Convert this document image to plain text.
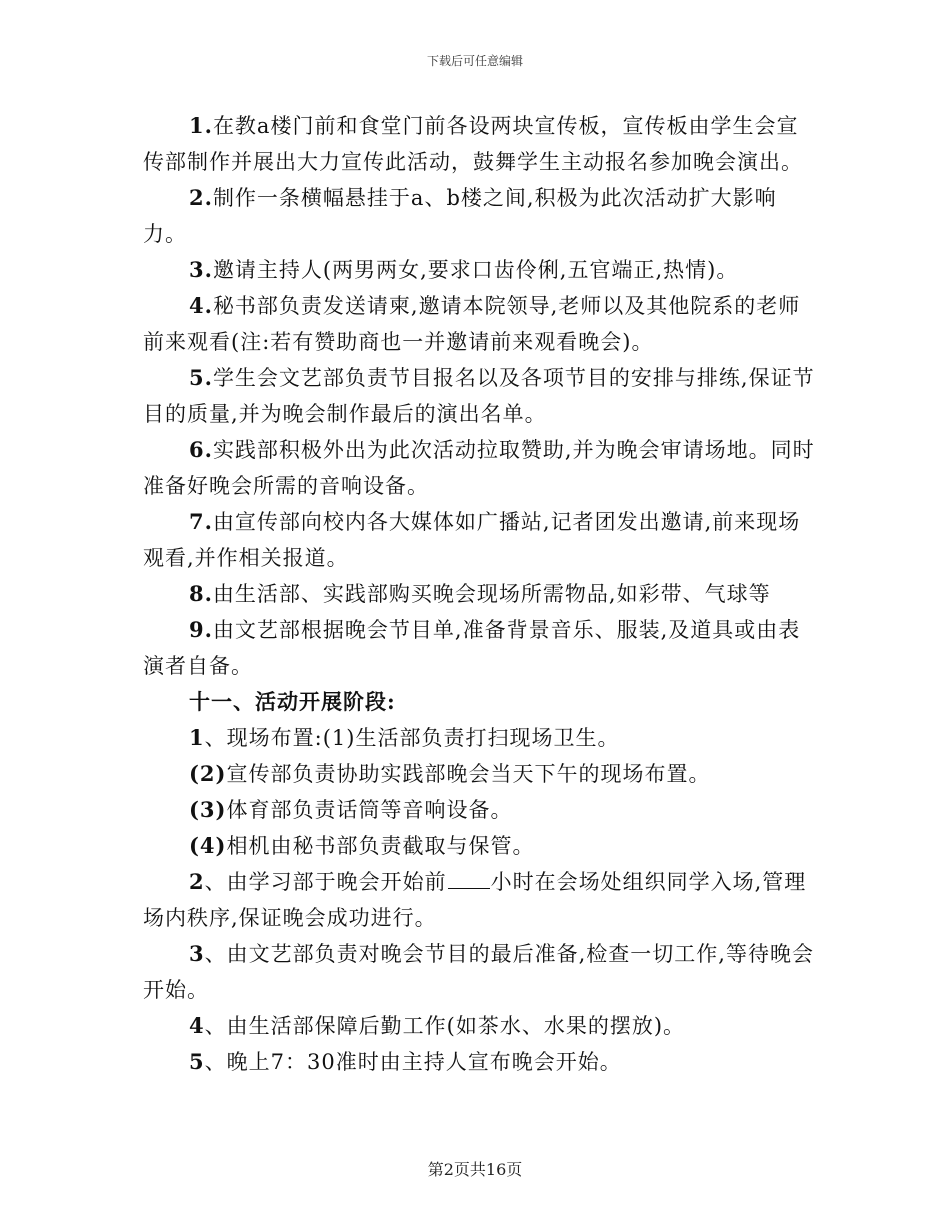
下载后可任意编辑

1.在教a楼门前和食堂门前各设两块宣传板，宣传板由学生会宣传部制作并展出大力宣传此活动，鼓舞学生主动报名参加晚会演出。

2.制作一条横幅悬挂于a、b楼之间,积极为此次活动扩大影响力。

3.邀请主持人(两男两女,要求口齿伶俐,五官端正,热情)。

4.秘书部负责发送请柬,邀请本院领导,老师以及其他院系的老师前来观看(注:若有赞助商也一并邀请前来观看晚会)。

5.学生会文艺部负责节目报名以及各项节目的安排与排练,保证节目的质量,并为晚会制作最后的演出名单。

6.实践部积极外出为此次活动拉取赞助,并为晚会审请场地。同时准备好晚会所需的音响设备。

7.由宣传部向校内各大媒体如广播站,记者团发出邀请,前来现场观看,并作相关报道。

8.由生活部、实践部购买晚会现场所需物品,如彩带、气球等

9.由文艺部根据晚会节目单,准备背景音乐、服装,及道具或由表演者自备。

十一、活动开展阶段:

1、现场布置:(1)生活部负责打扫现场卫生。

(2)宣传部负责协助实践部晚会当天下午的现场布置。

(3)体育部负责话筒等音响设备。

(4)相机由秘书部负责截取与保管。

2、由学习部于晚会开始前 小时在会场处组织同学入场,管理场内秩序,保证晚会成功进行。

3、由文艺部负责对晚会节目的最后准备,检查一切工作,等待晚会开始。

4、由生活部保障后勤工作(如茶水、水果的摆放)。

5、晚上7：30准时由主持人宣布晚会开始。

第2页共16页
